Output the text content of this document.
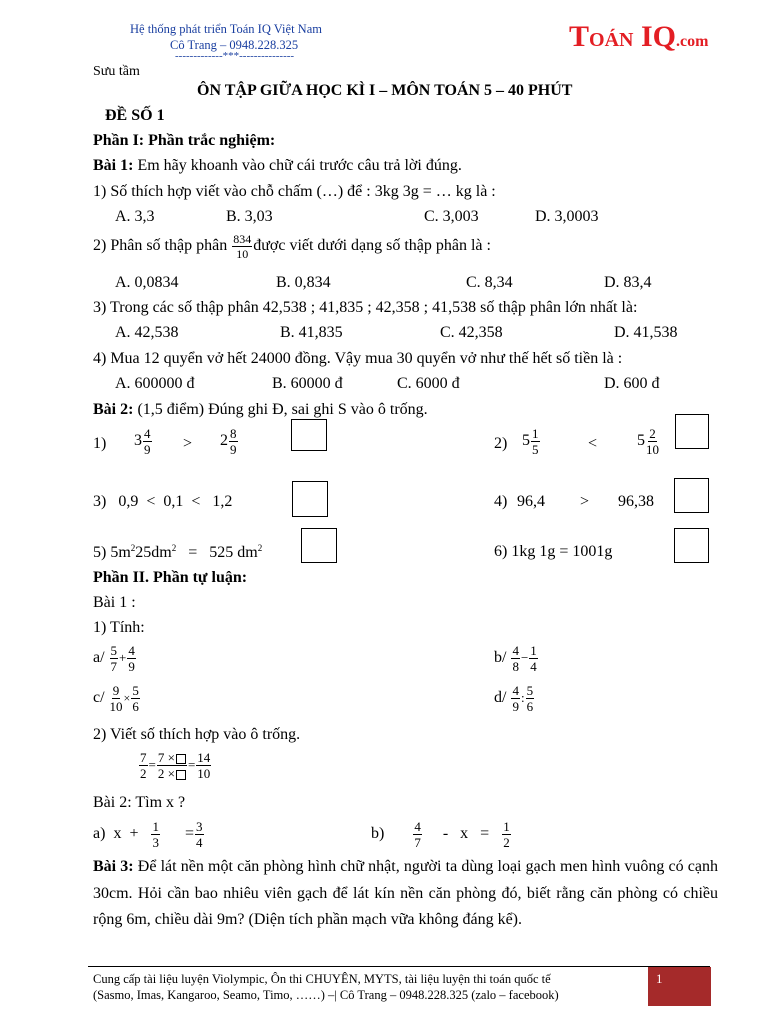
Hệ thống phát triển Toán IQ Việt Nam
Cô Trang – 0948.228.325
-------------***---------------
TOÁN IQ.com
Sưu tầm
ÔN TẬP GIỮA HỌC KÌ I – MÔN TOÁN 5 – 40 PHÚT
ĐỀ SỐ 1
Phần I: Phần trắc nghiệm:
Bài 1: Em hãy khoanh vào chữ cái trước câu trả lời đúng.
1) Số thích hợp viết vào chỗ chấm (…) để : 3kg 3g = … kg là :
A. 3,3	B. 3,03	C. 3,003	D. 3,0003
2) Phân số thập phân $\frac{834}{10}$ được viết dưới dạng số thập phân là :
A. 0,0834	B. 0,834	C. 8,34	D. 83,4
3) Trong các số thập phân 42,538 ; 41,835 ; 42,358 ; 41,538 số thập phân lớn nhất là:
A. 42,538	B. 41,835	C. 42,358	D. 41,538
4) Mua 12 quyển vở hết 24000 đồng. Vậy mua 30 quyển vở như thế hết số tiền là :
A. 600000 đ	B. 60000 đ	C. 6000 đ	D. 600 đ
Bài 2: (1,5 điểm) Đúng ghi Đ, sai ghi S vào ô trống.
1) $3 \frac{4}{9} > 2 \frac{8}{9}$	2) $5 \frac{1}{5}$	< $5 \frac{2}{10}$
3) 0,9 < 0,1 < 1,2	4) 96,4 > 96,38
5) $5m^225dm^2 = 525$ $dm^2$	6) 1kg 1g = 1001g
Phần II. Phần tự luận:
Bài 1 :
1) Tính:
$a/ \frac{5}{7} + \frac{4}{9}$	$b/ \frac{4}{8} - \frac{1}{4}$
$c/ \frac{9}{10} \times \frac{5}{6}$	$d/ \frac{4}{9}$ : $\frac{5}{6}$
2) Viết số thích hợp vào ô trống.
$\frac{7}{2} = \frac{7 \times}{2 \times} = \frac{14}{10}$
Bài 2: Tìm x ?
a) $x + \frac{1}{3} = \frac{3}{4}$	$b) \frac{4}{7} - x = \frac{1}{2}$
Bài 3: Để lát nền một căn phòng hình chữ nhật, người ta dùng loại gạch men hình vuông có cạnh 30cm. Hỏi cần bao nhiêu viên gạch để lát kín nền căn phòng đó, biết rằng căn phòng có chiều rộng 6m, chiều dài 9m? (Diện tích phần mạch vữa không đáng kể).
Cung cấp tài liệu luyện Violympic, Ôn thi CHUYÊN, MYTS, tài liệu luyện thi toán quốc tế
(Sasmo, Imas, Kangaroo, Seamo, Timo, ……) –| Cô Trang – 0948.228.325 (zalo – facebook)
1
